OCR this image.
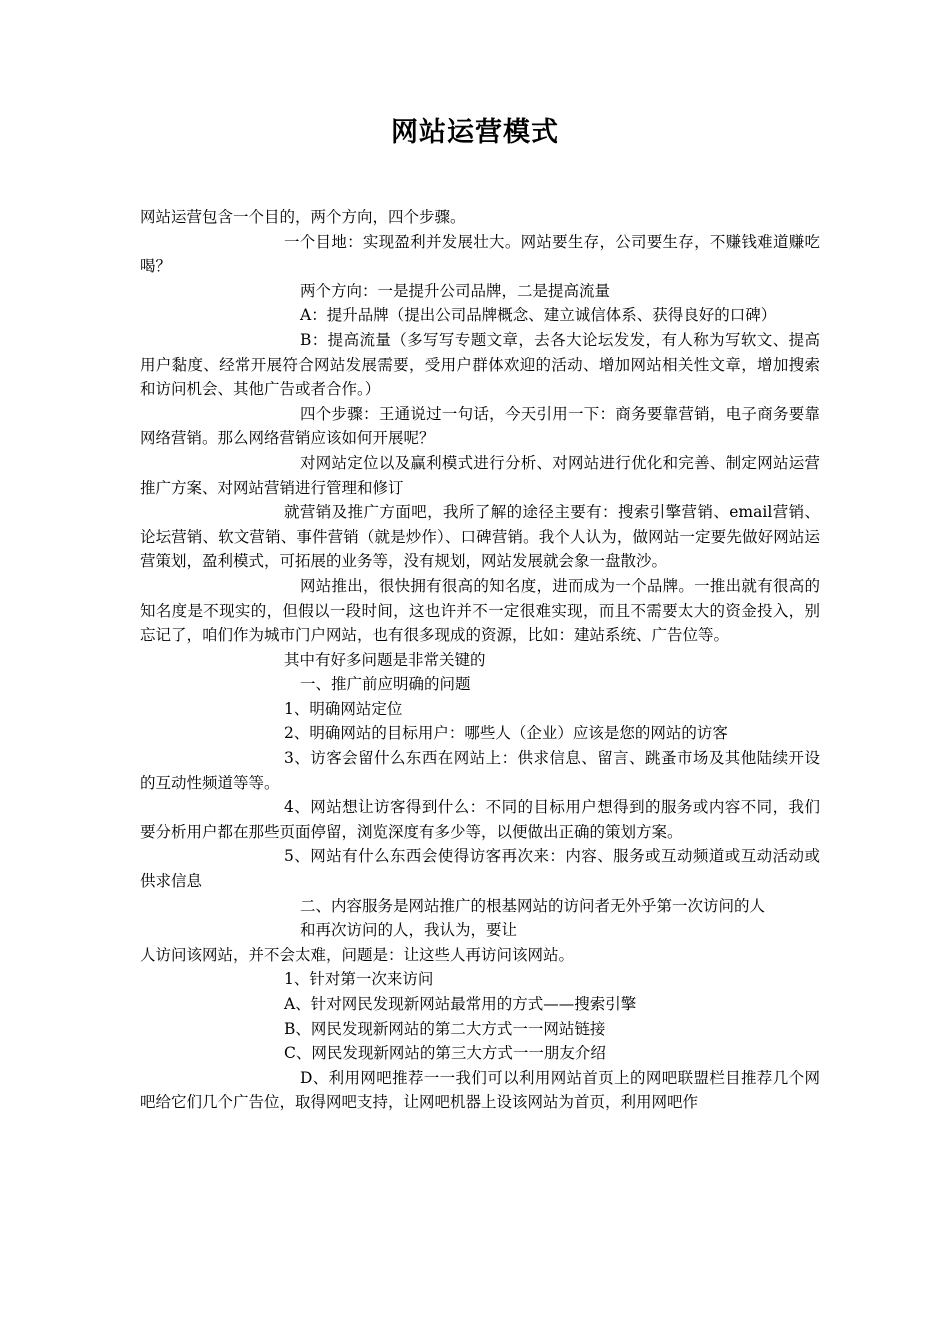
网站运营模式

网站运营包含一个目的，两个方向，四个步骤。

一个目地：实现盈利并发展壮大。网站要生存，公司要生存，不赚钱难道赚吃喝？

两个方向：一是提升公司品牌，二是提高流量

A：提升品牌（提出公司品牌概念、建立诚信体系、获得良好的口碑）

B：提高流量（多写写专题文章，去各大论坛发发，有人称为写软文、提高用户黏度、经常开展符合网站发展需要，受用户群体欢迎的活动、增加网站相关性文章，增加搜索和访问机会、其他广告或者合作。）

四个步骤：王通说过一句话，今天引用一下：商务要靠营销，电子商务要靠网络营销。那么网络营销应该如何开展呢？

对网站定位以及赢利模式进行分析、对网站进行优化和完善、制定网站运营推广方案、对网站营销进行管理和修订

就营销及推广方面吧，我所了解的途径主要有：搜索引擎营销、email营销、论坛营销、软文营销、事件营销（就是炒作）、口碑营销。我个人认为，做网站一定要先做好网站运营策划，盈利模式，可拓展的业务等，没有规划，网站发展就会象一盘散沙。

网站推出，很快拥有很高的知名度，进而成为一个品牌。一推出就有很高的知名度是不现实的，但假以一段时间，这也许并不一定很难实现，而且不需要太大的资金投入，别忘记了，咱们作为城市门户网站，也有很多现成的资源，比如：建站系统、广告位等。

其中有好多问题是非常关键的

一、推广前应明确的问题

1、明确网站定位

2、明确网站的目标用户：哪些人（企业）应该是您的网站的访客

3、访客会留什么东西在网站上：供求信息、留言、跳蚤市场及其他陆续开设的互动性频道等等。

4、网站想让访客得到什么：不同的目标用户想得到的服务或内容不同，我们要分析用户都在那些页面停留，浏览深度有多少等，以便做出正确的策划方案。

5、网站有什么东西会使得访客再次来：内容、服务或互动频道或互动活动或供求信息

二、内容服务是网站推广的根基网站的访问者无外乎第一次访问的人

和再次访问的人，我认为，要让

人访问该网站，并不会太难，问题是：让这些人再访问该网站。

1、针对第一次来访问

A、针对网民发现新网站最常用的方式——搜索引擎

B、网民发现新网站的第二大方式一一网站链接

C、网民发现新网站的第三大方式一一朋友介绍

D、利用网吧推荐一一我们可以利用网站首页上的网吧联盟栏目推荐几个网吧给它们几个广告位，取得网吧支持，让网吧机器上设该网站为首页，利用网吧作
